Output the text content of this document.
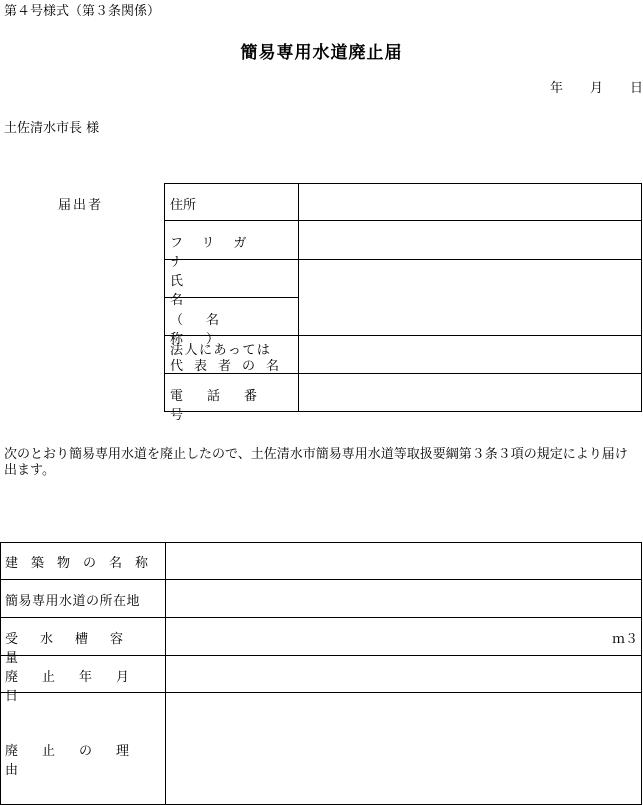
第４号様式（第３条関係）
簡易専用水道廃止届
年 月 日
土佐清水市長 様
届出者	住所
フリガナ
氏名
（名称）
法人にあっては
代表者の名
電話番号
次のとおり簡易専用水道を廃止したので、土佐清水市簡易専用水道等取扱要綱第３条３項の規定により届け出ます。
建築物の名称
簡易専用水道の所在地
受水槽容量
ｍ３
廃止年月日
廃止の理由
